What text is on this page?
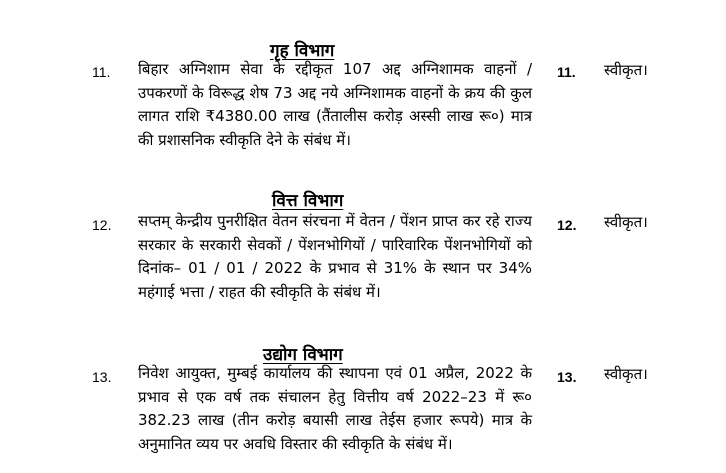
गृह विभाग
11. बिहार अग्निशाम सेवा के रद्दीकृत 107 अद्द अग्निशामक वाहनों / उपकरणों के विरूद्ध शेष 73 अद्द नये अग्निशामक वाहनों के क्रय की कुल लागत राशि ₹4380.00 लाख (तैंतालीस करोड़ अस्सी लाख रू०) मात्र की प्रशासनिक स्वीकृति देने के संबंध में।
11. स्वीकृत।
वित्त विभाग
12. सप्तम् केन्द्रीय पुनरीक्षित वेतन संरचना में वेतन / पेंशन प्राप्त कर रहे राज्य सरकार के सरकारी सेवकों / पेंशनभोगियों / पारिवारिक पेंशनभोगियों को दिनांक– 01 / 01 / 2022 के प्रभाव से 31% के स्थान पर 34% महंगाई भत्ता / राहत की स्वीकृति के संबंध में।
12. स्वीकृत।
उद्योग विभाग
13. निवेश आयुक्त, मुम्बई कार्यालय की स्थापना एवं 01 अप्रैल, 2022 के प्रभाव से एक वर्ष तक संचालन हेतु वित्तीय वर्ष 2022–23 में रू० 382.23 लाख (तीन करोड़ बयासी लाख तेईस हजार रूपये) मात्र के अनुमानित व्यय पर अवधि विस्तार की स्वीकृति के संबंध में।
13. स्वीकृत।
